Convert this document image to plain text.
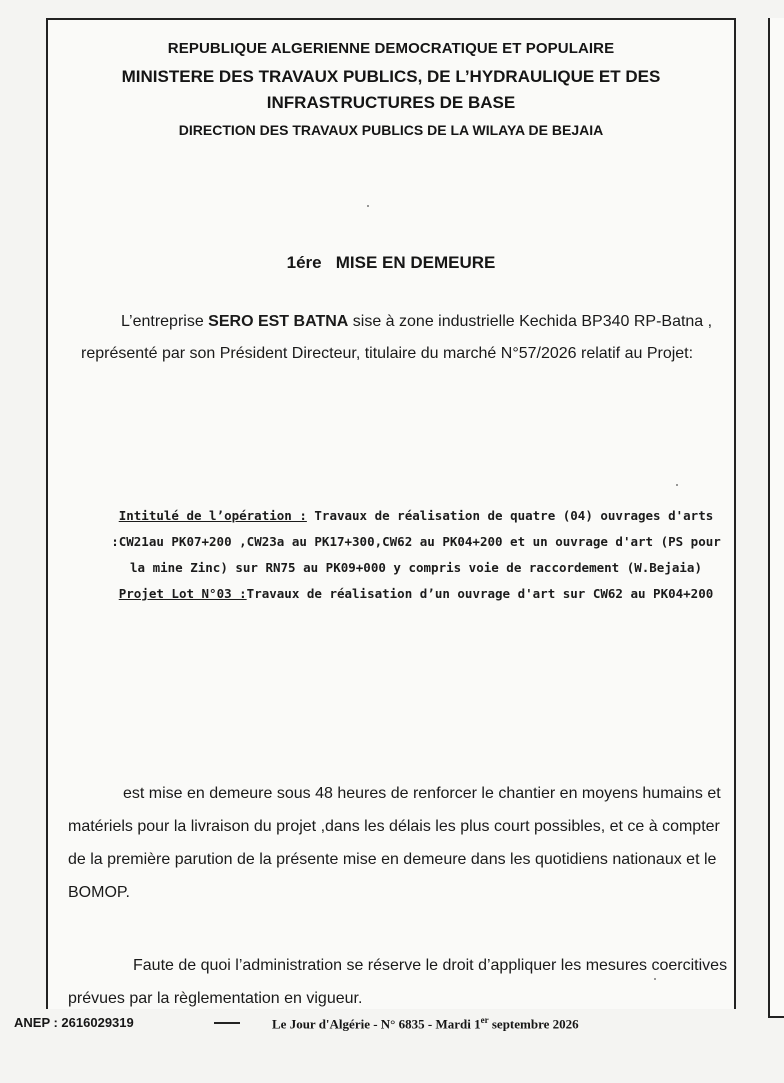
REPUBLIQUE ALGERIENNE DEMOCRATIQUE ET POPULAIRE
MINISTERE DES TRAVAUX PUBLICS, DE L’HYDRAULIQUE ET DES
INFRASTRUCTURES DE BASE
DIRECTION DES TRAVAUX PUBLICS DE LA WILAYA DE BEJAIA
1ére   MISE EN DEMEURE
L’entreprise SERO EST BATNA sise à zone industrielle Kechida BP340 RP-Batna , représenté par son Président Directeur, titulaire du marché N°57/2026 relatif au Projet:
Intitulé de l’opération : Travaux de réalisation de quatre (04) ouvrages d'arts :CW21au PK07+200 ,CW23a au PK17+300,CW62 au PK04+200 et un ouvrage d'art (PS pour la mine Zinc) sur RN75 au PK09+000 y compris voie de raccordement (W.Bejaia)
Projet Lot N°03 :Travaux de réalisation d’un ouvrage d'art sur CW62 au PK04+200
est mise en demeure sous 48 heures de renforcer le chantier en moyens humains et matériels pour la livraison du projet ,dans les délais les plus court possibles, et ce à compter de la première parution de la présente mise en demeure dans les quotidiens nationaux et le BOMOP.
Faute de quoi l’administration se réserve le droit d’appliquer les mesures coercitives prévues par la règlementation en vigueur.
ANEP : 2616029319	Le Jour d'Algérie - N° 6835 - Mardi 1er septembre 2026
